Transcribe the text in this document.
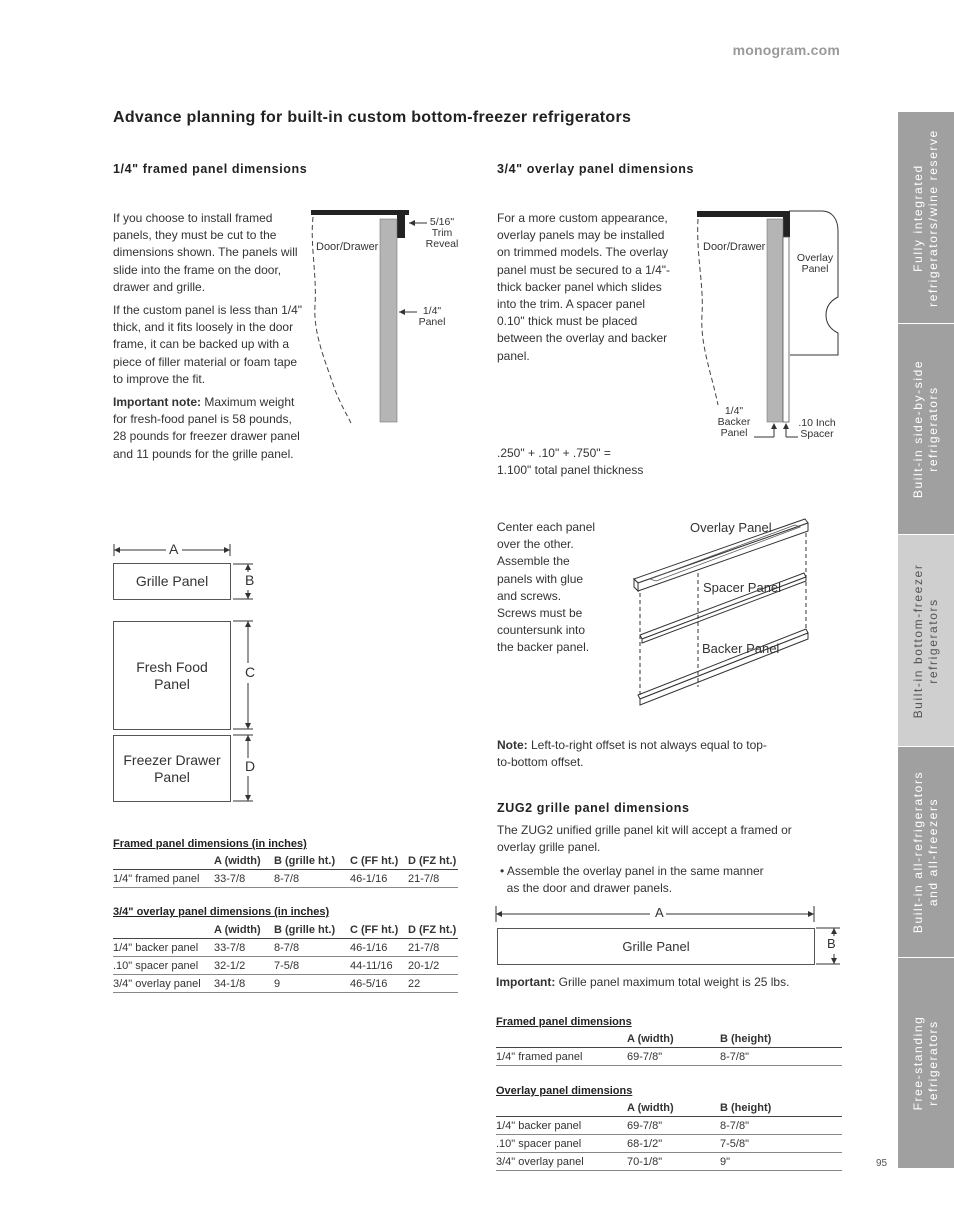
monogram.com
Advance planning for built-in custom bottom-freezer refrigerators
1/4" framed panel dimensions

If you choose to install framed panels, they must be cut to the dimensions shown. The panels will slide into the frame on the door, drawer and grille.

If the custom panel is less than 1/4" thick, and it fits loosely in the door frame, it can be backed up with a piece of filler material or foam tape to improve the fit.

Important note: Maximum weight for fresh-food panel is 58 pounds, 28 pounds for freezer drawer panel and 11 pounds for the grille panel.

Door/Drawer
5/16"
Trim
Reveal
1/4"
Panel
3/4" overlay panel dimensions
For a more custom appearance, overlay panels may be installed on trimmed models. The overlay panel must be secured to a 1/4"-thick backer panel which slides into the trim. A spacer panel 0.10" thick must be placed between the overlay and backer panel.
Door/Drawer
Overlay
Panel
1/4"
Backer
Panel
.10 Inch
Spacer
.250" + .10" + .750" =
1.100" total panel thickness
Center each panel over the other. Assemble the panels with glue and screws. Screws must be countersunk into the backer panel.
Overlay Panel
Spacer Panel
Backer Panel
Note: Left-to-right offset is not always equal to top-to-bottom offset.
A
B
C
D
Grille Panel
Fresh Food
Panel
Freezer Drawer
Panel
Framed panel dimensions (in inches)
	A (width)	B (grille ht.)	C (FF ht.)	D (FZ ht.)
1/4" framed panel	33-7/8	8-7/8	46-1/16	21-7/8
3/4" overlay panel dimensions (in inches)
	A (width)	B (grille ht.)	C (FF ht.)	D (FZ ht.)
1/4" backer panel	33-7/8	8-7/8	46-1/16	21-7/8
.10" spacer panel	32-1/2	7-5/8	44-11/16	20-1/2
3/4" overlay panel	34-1/8	9	46-5/16	22
ZUG2 grille panel dimensions
The ZUG2 unified grille panel kit will accept a framed or overlay grille panel.
• Assemble the overlay panel in the same manner
as the door and drawer panels.
A
B
Grille Panel
Important: Grille panel maximum total weight is 25 lbs.
Framed panel dimensions
	A (width)	B (height)
1/4" framed panel	69-7/8"	8-7/8"
Overlay panel dimensions
	A (width)	B (height)
1/4" backer panel	69-7/8"	8-7/8"
.10" spacer panel	68-1/2"	7-5/8"
3/4" overlay panel	70-1/8"	9"
Fully integrated
refrigerators/wine reserve
Built-in side-by-side
refrigerators
Built-in bottom-freezer
refrigerators
Built-in all-refrigerators
and all-freezers
Free-standing
refrigerators
95
